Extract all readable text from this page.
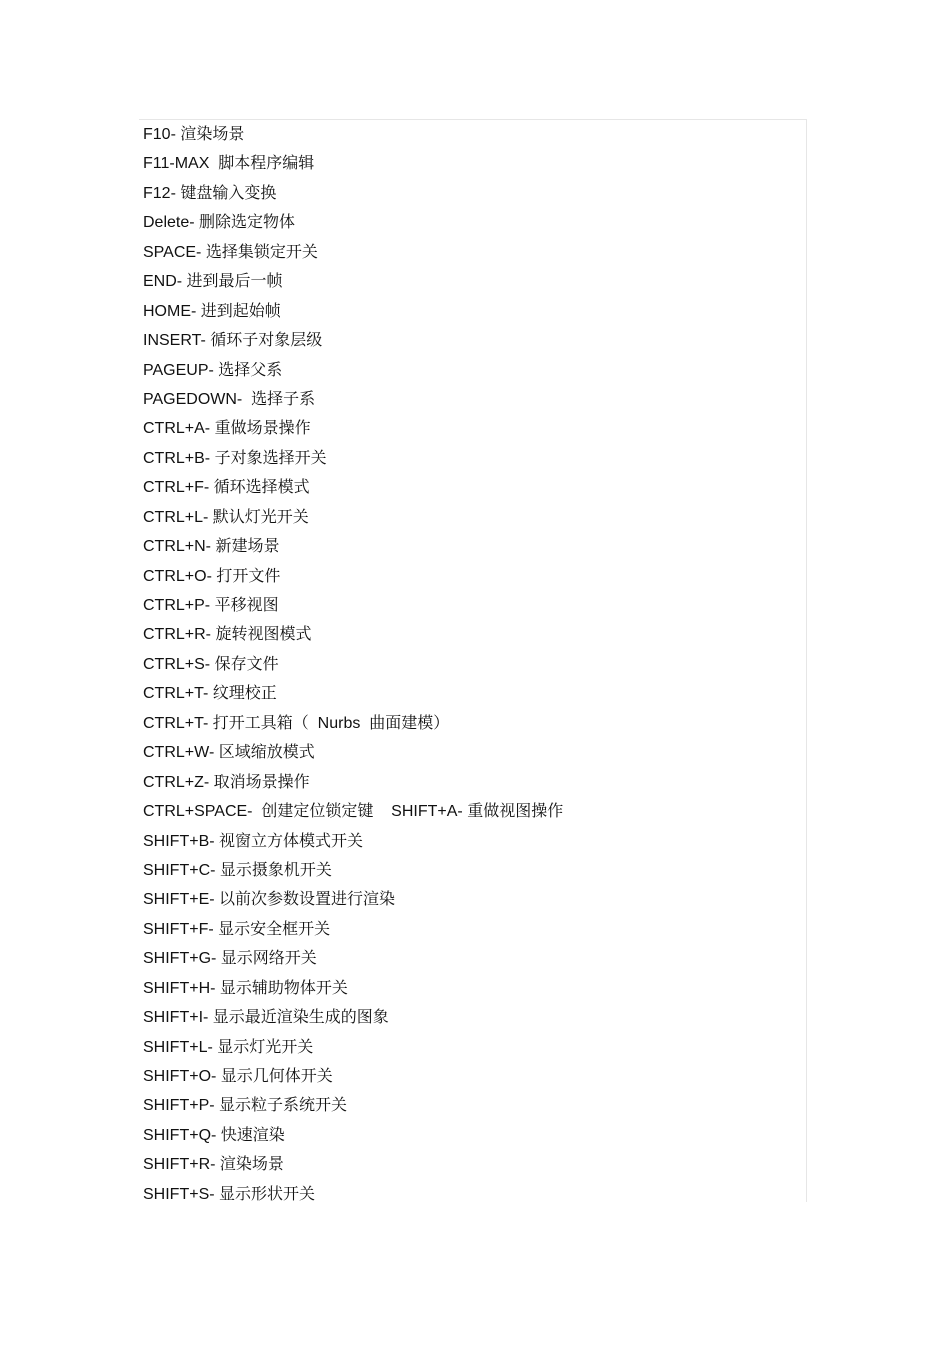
F10- 渲染场景
F11-MAX  脚本程序编辑
F12- 键盘输入变换
Delete- 删除选定物体
SPACE- 选择集锁定开关
END- 进到最后一帧
HOME- 进到起始帧
INSERT- 循环子对象层级
PAGEUP- 选择父系
PAGEDOWN-  选择子系
CTRL+A- 重做场景操作
CTRL+B- 子对象选择开关
CTRL+F- 循环选择模式
CTRL+L- 默认灯光开关
CTRL+N- 新建场景
CTRL+O- 打开文件
CTRL+P- 平移视图
CTRL+R- 旋转视图模式
CTRL+S- 保存文件
CTRL+T- 纹理校正
CTRL+T- 打开工具箱（  Nurbs  曲面建模）
CTRL+W- 区域缩放模式
CTRL+Z- 取消场景操作
CTRL+SPACE-  创建定位锁定键    SHIFT+A- 重做视图操作
SHIFT+B- 视窗立方体模式开关
SHIFT+C- 显示摄象机开关
SHIFT+E- 以前次参数设置进行渲染
SHIFT+F- 显示安全框开关
SHIFT+G- 显示网络开关
SHIFT+H- 显示辅助物体开关
SHIFT+I- 显示最近渲染生成的图象
SHIFT+L- 显示灯光开关
SHIFT+O- 显示几何体开关
SHIFT+P- 显示粒子系统开关
SHIFT+Q- 快速渲染
SHIFT+R- 渲染场景
SHIFT+S- 显示形状开关
